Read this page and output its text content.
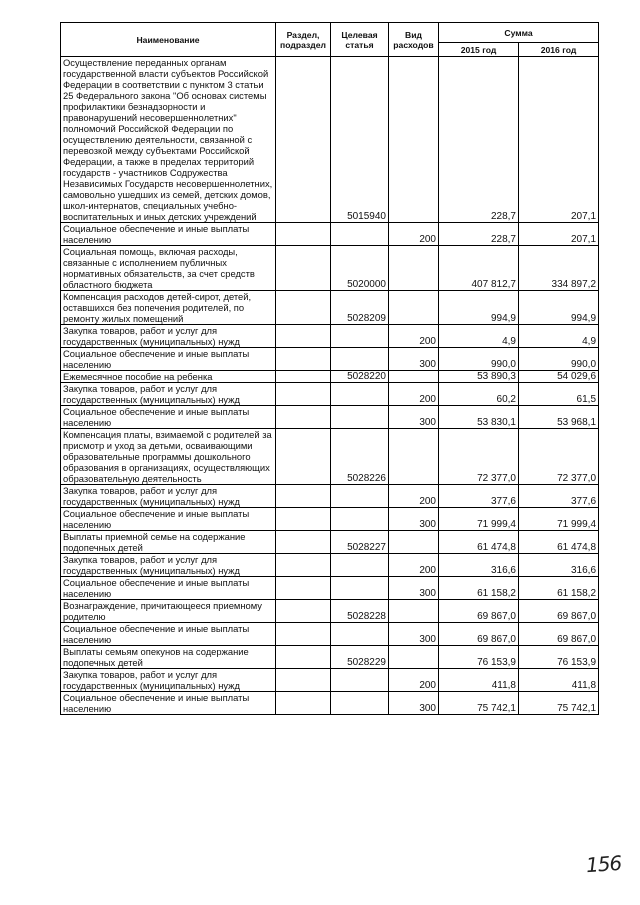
Наименование	Раздел, подраздел	Целевая статья	Вид расходов	Сумма	
				2015 год	2016 год
Осуществление переданных органам государственной власти субъектов Российской Федерации в соответствии с пунктом 3 статьи 25 Федерального закона "Об основах системы профилактики безнадзорности и правонарушений несовершеннолетних" полномочий Российской Федерации по осуществлению деятельности, связанной с перевозкой между субъектами Российской Федерации, а также в пределах территорий государств - участников Содружества Независимых Государств несовершеннолетних, самовольно ушедших из семей, детских домов, школ-интернатов, специальных учебно-воспитательных и иных детских учреждений		5015940		228,7	207,1
Социальное обеспечение и иные выплаты населению			200	228,7	207,1
Социальная помощь, включая расходы, связанные с исполнением публичных нормативных обязательств, за счет средств областного бюджета		5020000		407 812,7	334 897,2
Компенсация расходов детей-сирот, детей, оставшихся без попечения родителей, по ремонту жилых помещений		5028209		994,9	994,9
Закупка товаров, работ и услуг для государственных (муниципальных) нужд			200	4,9	4,9
Социальное обеспечение и иные выплаты населению			300	990,0	990,0
Ежемесячное пособие на ребенка		5028220		53 890,3	54 029,6
Закупка товаров, работ и услуг для государственных (муниципальных) нужд			200	60,2	61,5
Социальное обеспечение и иные выплаты населению			300	53 830,1	53 968,1
Компенсация платы, взимаемой с родителей за присмотр и уход за детьми, осваивающими образовательные программы дошкольного образования в организациях, осуществляющих образовательную деятельность		5028226		72 377,0	72 377,0
Закупка товаров, работ и услуг для государственных (муниципальных) нужд			200	377,6	377,6
Социальное обеспечение и иные выплаты населению			300	71 999,4	71 999,4
Выплаты приемной семье на содержание подопечных детей		5028227		61 474,8	61 474,8
Закупка товаров, работ и услуг для государственных (муниципальных) нужд			200	316,6	316,6
Социальное обеспечение и иные выплаты населению			300	61 158,2	61 158,2
Вознаграждение, причитающееся приемному родителю		5028228		69 867,0	69 867,0
Социальное обеспечение и иные выплаты населению			300	69 867,0	69 867,0
Выплаты семьям опекунов на содержание подопечных детей		5028229		76 153,9	76 153,9
Закупка товаров, работ и услуг для государственных (муниципальных) нужд			200	411,8	411,8
Социальное обеспечение и иные выплаты населению			300	75 742,1	75 742,1
156
